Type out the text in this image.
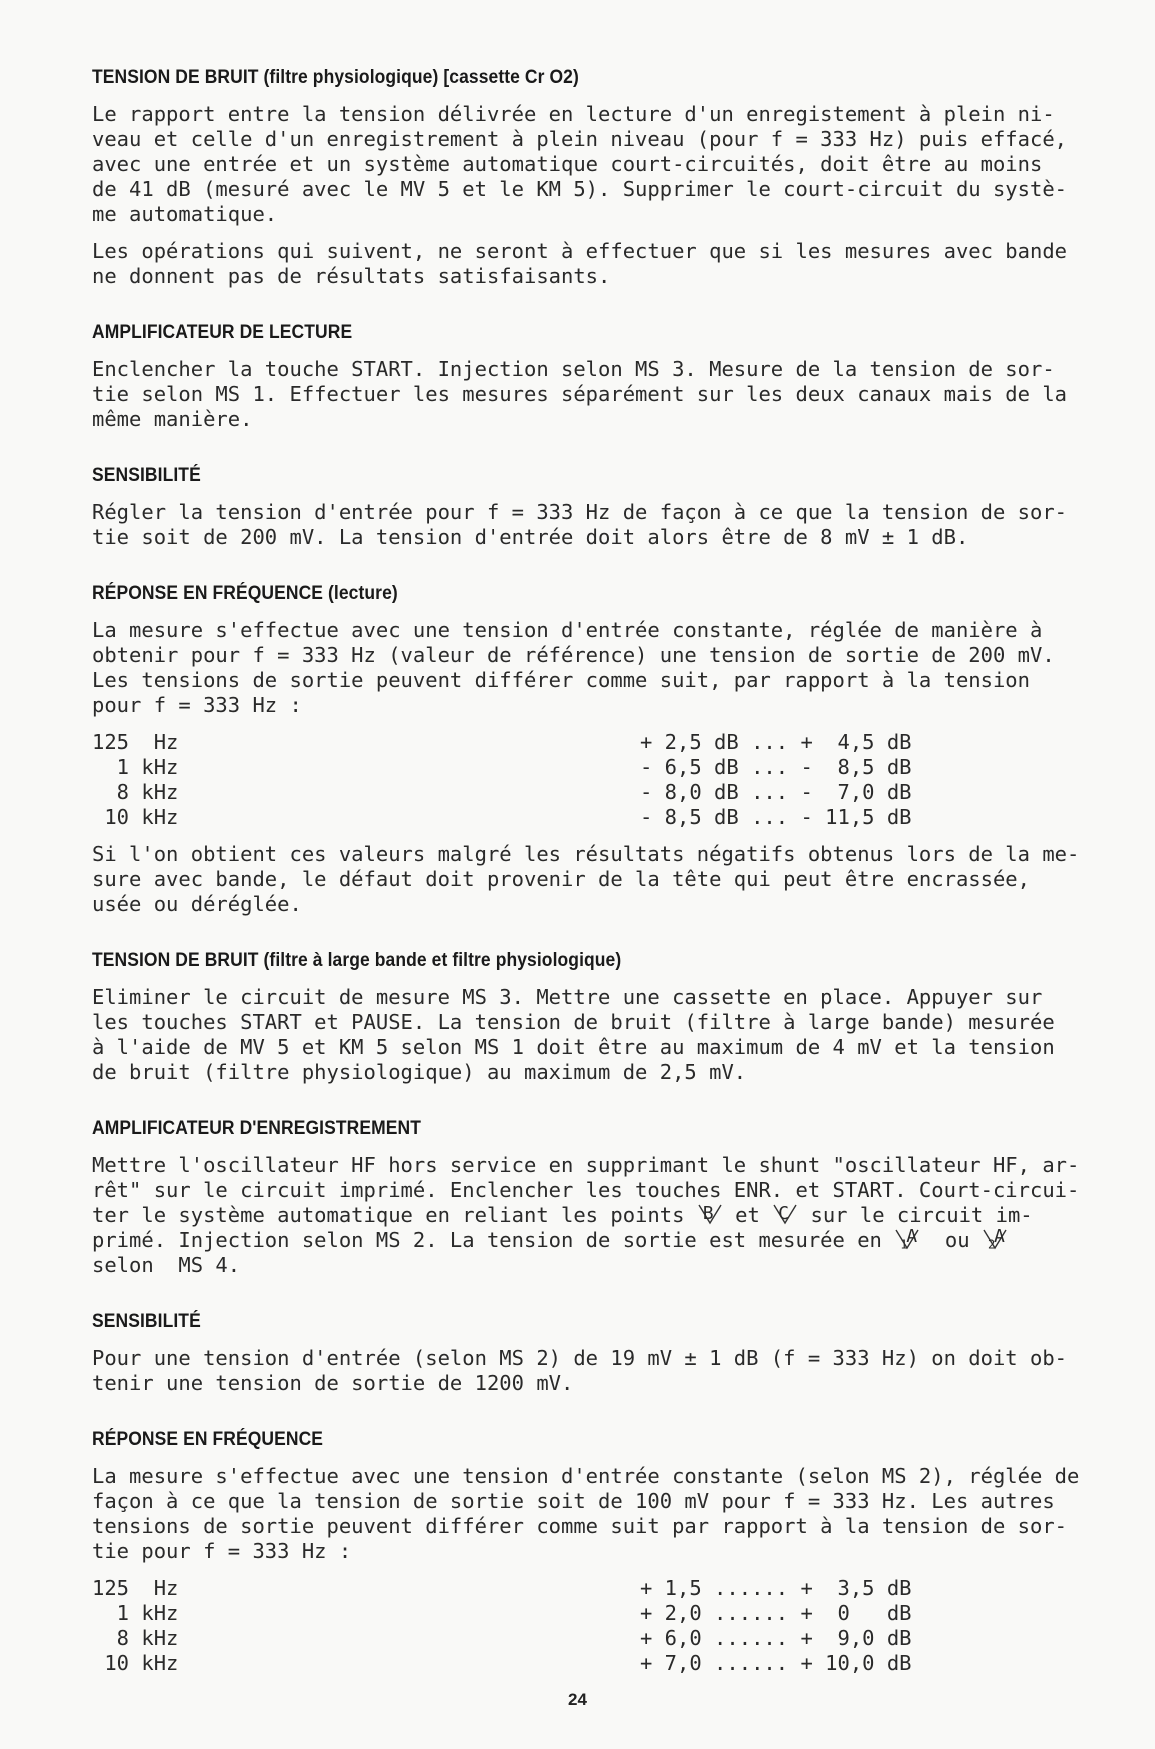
TENSION DE BRUIT (filtre physiologique) [cassette Cr O2)
Le rapport entre la tension délivrée en lecture d'un enregistement à plein ni-
veau et celle d'un enregistrement à plein niveau (pour f = 333 Hz) puis effacé,
avec une entrée et un système automatique court-circuités, doit être au moins
de 41 dB (mesuré avec le MV 5 et le KM 5). Supprimer le court-circuit du systè-
me automatique.
Les opérations qui suivent, ne seront à effectuer que si les mesures avec bande
ne donnent pas de résultats satisfaisants.
AMPLIFICATEUR DE LECTURE
Enclencher la touche START. Injection selon MS 3. Mesure de la tension de sor-
tie selon MS 1. Effectuer les mesures séparément sur les deux canaux mais de la
même manière.
SENSIBILITÉ
Régler la tension d'entrée pour f = 333 Hz de façon à ce que la tension de sor-
tie soit de 200 mV. La tension d'entrée doit alors être de 8 mV ± 1 dB.
RÉPONSE EN FRÉQUENCE (lecture)
La mesure s'effectue avec une tension d'entrée constante, réglée de manière à
obtenir pour f = 333 Hz (valeur de référence) une tension de sortie de 200 mV.
Les tensions de sortie peuvent différer comme suit, par rapport à la tension
pour f = 333 Hz :
125  Hz	+ 2,5 dB ... +  4,5 dB
1 kHz	- 6,5 dB ... -  8,5 dB
8 kHz	- 8,0 dB ... -  7,0 dB
10 kHz	- 8,5 dB ... - 11,5 dB
Si l'on obtient ces valeurs malgré les résultats négatifs obtenus lors de la me-
sure avec bande, le défaut doit provenir de la tête qui peut être encrassée,
usée ou déréglée.
TENSION DE BRUIT (filtre à large bande et filtre physiologique)
Eliminer le circuit de mesure MS 3. Mettre une cassette en place. Appuyer sur
les touches START et PAUSE. La tension de bruit (filtre à large bande) mesurée
à l'aide de MV 5 et KM 5 selon MS 1 doit être au maximum de 4 mV et la tension
de bruit (filtre physiologique) au maximum de 2,5 mV.
AMPLIFICATEUR D'ENREGISTREMENT
Mettre l'oscillateur HF hors service en supprimant le shunt "oscillateur HF, ar-
rêt" sur le circuit imprimé. Enclencher les touches ENR. et START. Court-circui-
ter le système automatique en reliant les points B et C sur le circuit im-
primé. Injection selon MS 2. La tension de sortie est mesurée en A
$_1$ ou A
$_2$

selon  MS 4.
SENSIBILITÉ
Pour une tension d'entrée (selon MS 2) de 19 mV ± 1 dB (f = 333 Hz) on doit ob-
tenir une tension de sortie de 1200 mV.
RÉPONSE EN FRÉQUENCE
La mesure s'effectue avec une tension d'entrée constante (selon MS 2), réglée de
façon à ce que la tension de sortie soit de 100 mV pour f = 333 Hz. Les autres
tensions de sortie peuvent différer comme suit par rapport à la tension de sor-
tie pour f = 333 Hz :
125  Hz	+ 1,5 ...... +  3,5 dB
1 kHz	+ 2,0 ...... +  0   dB
8 kHz	+ 6,0 ...... +  9,0 dB
10 kHz	+ 7,0 ...... + 10,0 dB
24
